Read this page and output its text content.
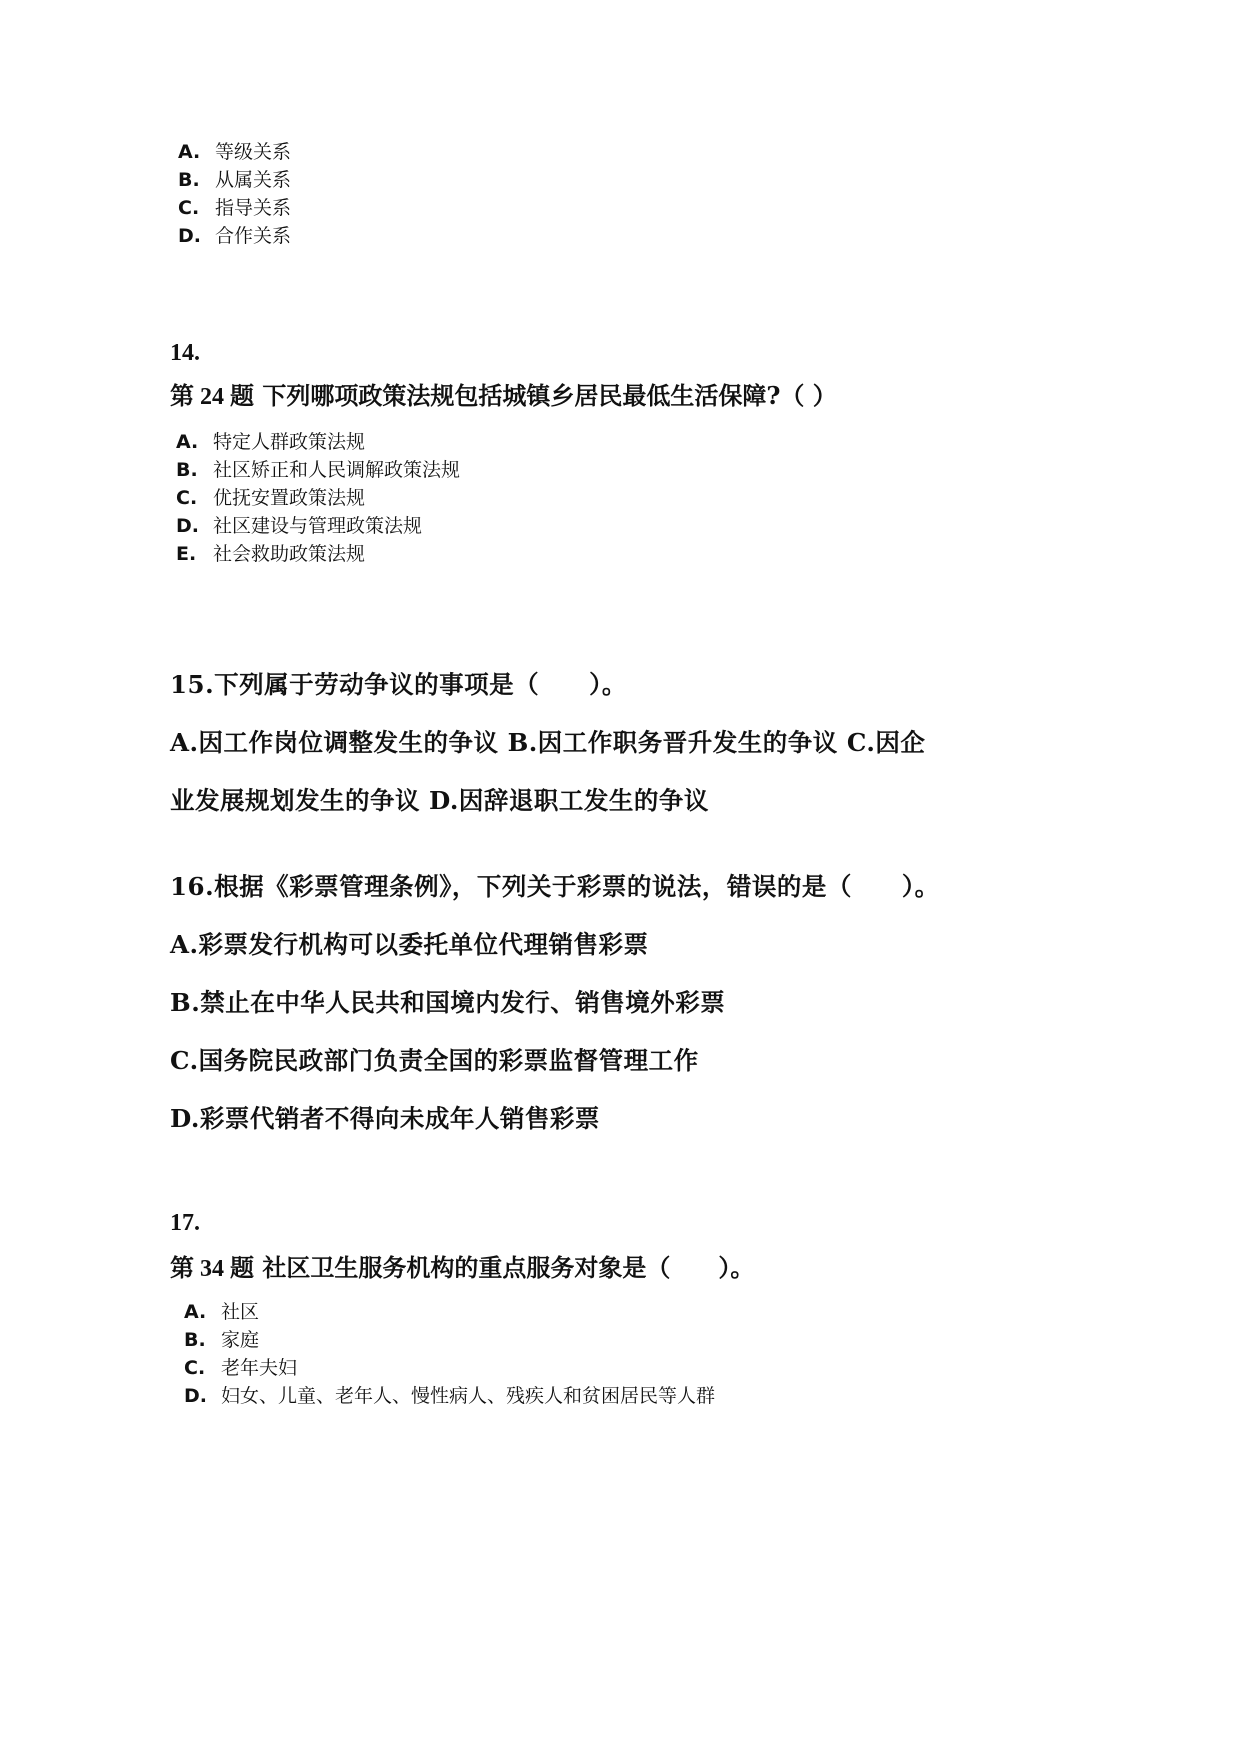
A. 等级关系
B. 从属关系
C. 指导关系
D. 合作关系
14.
第 24 题 下列哪项政策法规包括城镇乡居民最低生活保障?（ ）
A. 特定人群政策法规
B. 社区矫正和人民调解政策法规
C. 优抚安置政策法规
D. 社区建设与管理政策法规
E. 社会救助政策法规
15.下列属于劳动争议的事项是（　　）。
A.因工作岗位调整发生的争议 B.因工作职务晋升发生的争议 C.因企
业发展规划发生的争议 D.因辞退职工发生的争议
16.根据《彩票管理条例》，下列关于彩票的说法，错误的是（　　）。
A.彩票发行机构可以委托单位代理销售彩票
B.禁止在中华人民共和国境内发行、销售境外彩票
C.国务院民政部门负责全国的彩票监督管理工作
D.彩票代销者不得向未成年人销售彩票
17.
第 34 题 社区卫生服务机构的重点服务对象是（　　）。
A. 社区
B. 家庭
C. 老年夫妇
D. 妇女、儿童、老年人、慢性病人、残疾人和贫困居民等人群
